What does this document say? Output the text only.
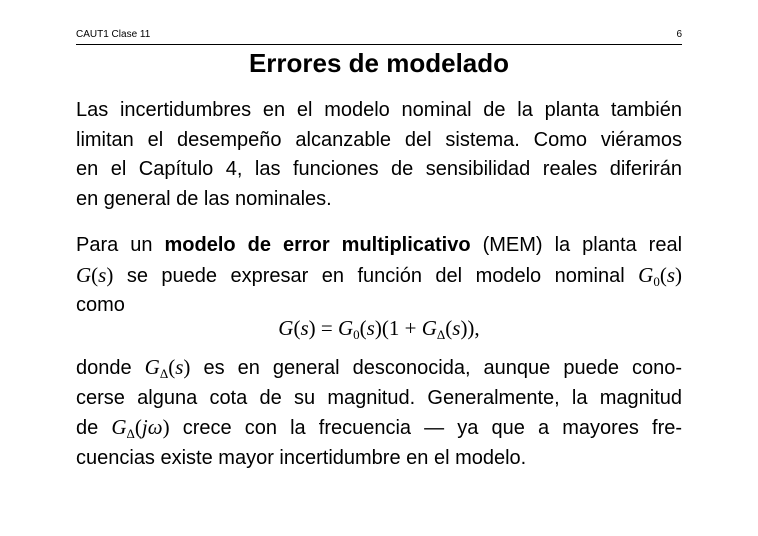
CAUT1 Clase 11	6
Errores de modelado
Las incertidumbres en el modelo nominal de la planta también
limitan el desempeño alcanzable del sistema. Como viéramos
en el Capítulo 4, las funciones de sensibilidad reales diferirán
en general de las nominales.
Para un modelo de error multiplicativo (MEM) la planta real
G(s) se puede expresar en función del modelo nominal $G_0(s)$
como
$G(s) = G_0(s)(1 + G_\Delta(s))$,
donde $G_\Delta(s)$ es en general desconocida, aunque puede cono-
cerse alguna cota de su magnitud. Generalmente, la magnitud
de $G_\Delta(j\omega)$ crece con la frecuencia — ya que a mayores fre-
cuencias existe mayor incertidumbre en el modelo.
